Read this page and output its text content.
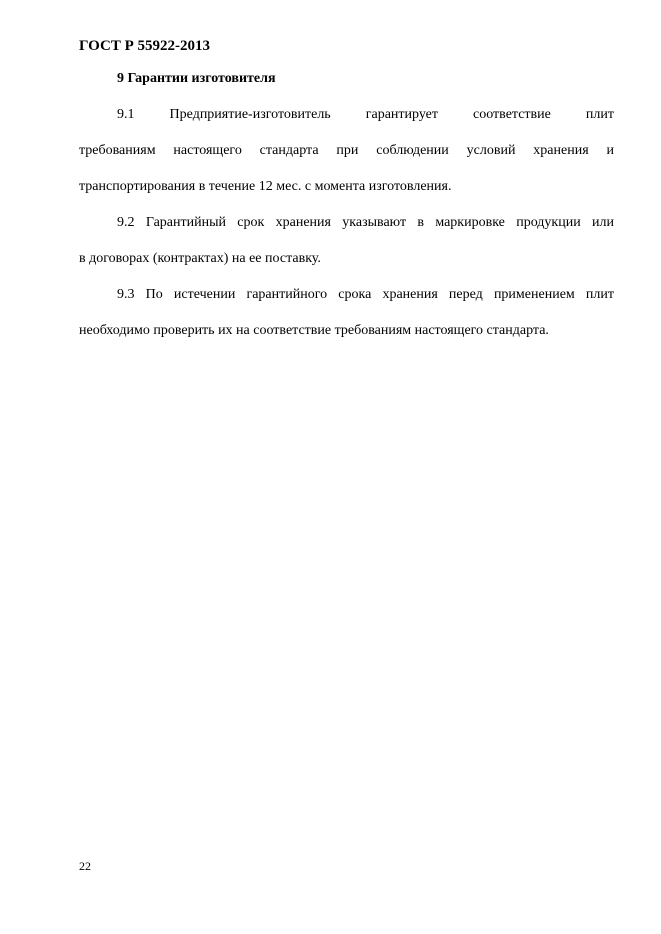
ГОСТ Р 55922-2013
9 Гарантии изготовителя
9.1 Предприятие-изготовитель гарантирует соответствие плит
требованиям настоящего стандарта при соблюдении условий хранения и
транспортирования в течение 12 мес. с момента изготовления.
9.2 Гарантийный срок хранения указывают в маркировке продукции или
в договорах (контрактах) на ее поставку.
9.3 По истечении гарантийного срока хранения перед применением плит
необходимо проверить их на соответствие требованиям настоящего стандарта.
22
